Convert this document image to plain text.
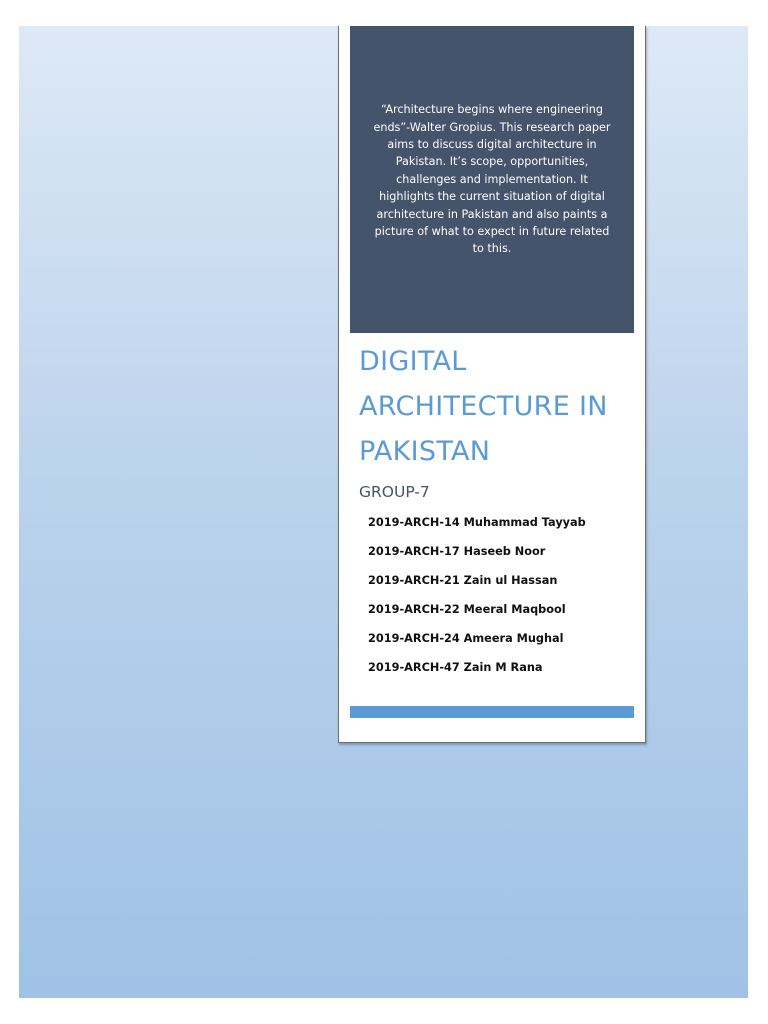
“Architecture begins where engineering ends”-Walter Gropius. This research paper aims to discuss digital architecture in Pakistan. It’s scope, opportunities, challenges and implementation. It highlights the current situation of digital architecture in Pakistan and also paints a picture of what to expect in future related to this.

DIGITAL
ARCHITECTURE IN
PAKISTAN
GROUP-7
2019-ARCH-14 Muhammad Tayyab
2019-ARCH-17 Haseeb Noor
2019-ARCH-21 Zain ul Hassan
2019-ARCH-22 Meeral Maqbool
2019-ARCH-24 Ameera Mughal
2019-ARCH-47 Zain M Rana
